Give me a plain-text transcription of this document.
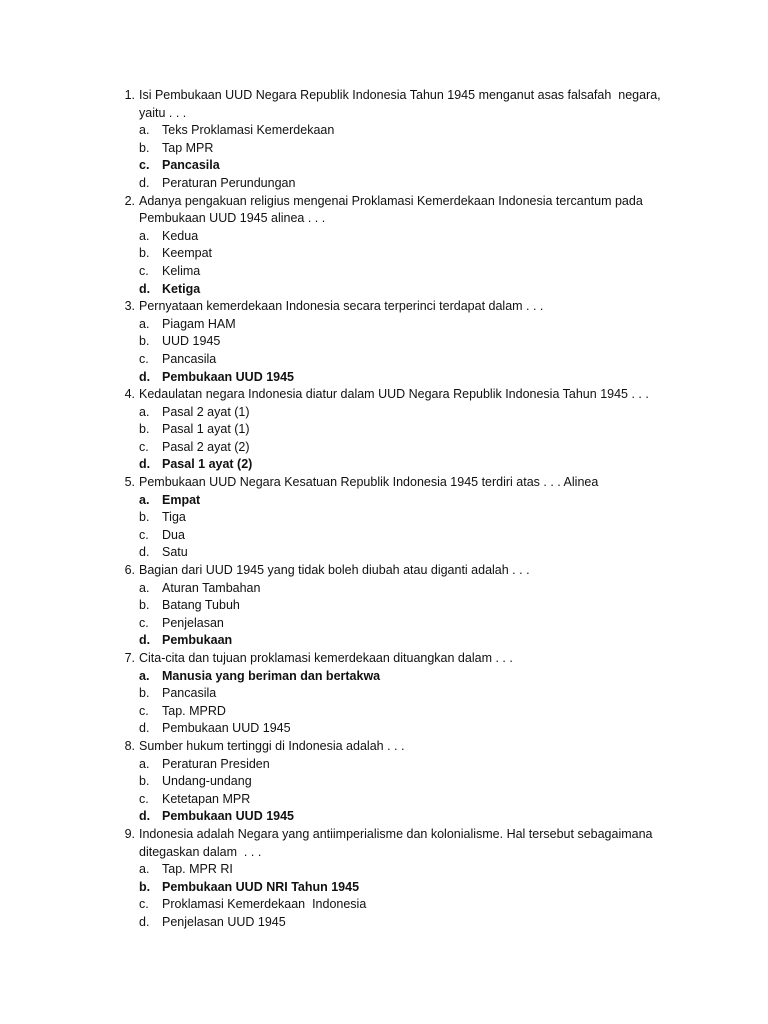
1. Isi Pembukaan UUD Negara Republik Indonesia Tahun 1945 menganut asas falsafah  negara, yaitu . . .
a. Teks Proklamasi Kemerdekaan
b. Tap MPR
c. Pancasila
d. Peraturan Perundungan
2. Adanya pengakuan religius mengenai Proklamasi Kemerdekaan Indonesia tercantum pada Pembukaan UUD 1945 alinea . . .
a. Kedua
b. Keempat
c. Kelima
d. Ketiga
3. Pernyataan kemerdekaan Indonesia secara terperinci terdapat dalam . . .
a. Piagam HAM
b. UUD 1945
c. Pancasila
d. Pembukaan UUD 1945
4. Kedaulatan negara Indonesia diatur dalam UUD Negara Republik Indonesia Tahun 1945 . . .
a. Pasal 2 ayat (1)
b. Pasal 1 ayat (1)
c. Pasal 2 ayat (2)
d. Pasal 1 ayat (2)
5. Pembukaan UUD Negara Kesatuan Republik Indonesia 1945 terdiri atas . . . Alinea
a. Empat
b. Tiga
c. Dua
d. Satu
6. Bagian dari UUD 1945 yang tidak boleh diubah atau diganti adalah . . .
a. Aturan Tambahan
b. Batang Tubuh
c. Penjelasan
d. Pembukaan
7. Cita-cita dan tujuan proklamasi kemerdekaan dituangkan dalam . . .
a. Manusia yang beriman dan bertakwa
b. Pancasila
c. Tap. MPRD
d. Pembukaan UUD 1945
8. Sumber hukum tertinggi di Indonesia adalah . . .
a. Peraturan Presiden
b. Undang-undang
c. Ketetapan MPR
d. Pembukaan UUD 1945
9. Indonesia adalah Negara yang antiimperialisme dan kolonialisme. Hal tersebut sebagaimana ditegaskan dalam  . . .
a. Tap. MPR RI
b. Pembukaan UUD NRI Tahun 1945
c. Proklamasi Kemerdekaan  Indonesia
d. Penjelasan UUD 1945
